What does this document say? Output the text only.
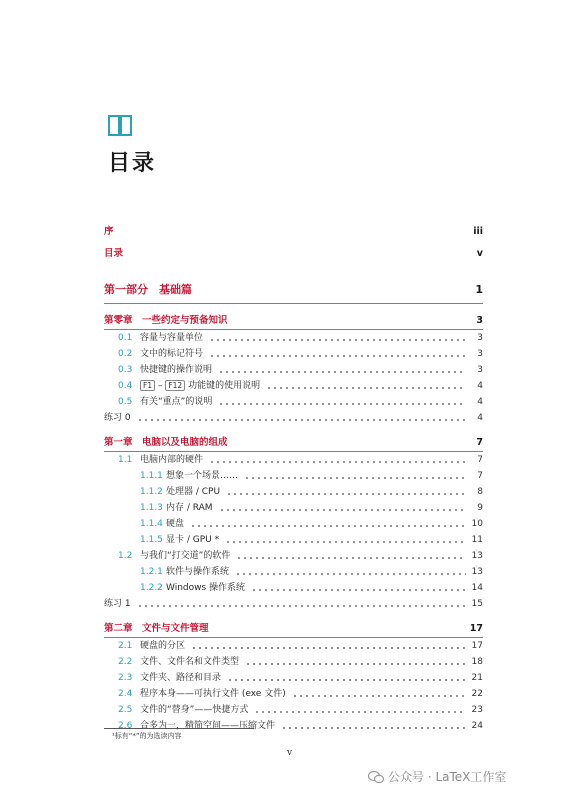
目录
序	iii
目录	v
第一部分　基础篇	1
第零章　一些约定与预备知识	3
0.1 容量与容量单位	3
0.2 文中的标记符号	3
0.3 快捷键的操作说明	3
0.4	F1 – F12 功能键的使用说明	4
0.5 有关“重点”的说明	4
练习 0	4
第一章　电脑以及电脑的组成	7
1.1 电脑内部的硬件	7
1.1.1 想象一个场景……	7
1.1.2 处理器 / CPU	8
1.1.3 内存 / RAM	9
1.1.4 硬盘	10
1.1.5 显卡 / GPU *	11
1.2 与我们“打交道”的软件	13
1.2.1 软件与操作系统	13
1.2.2 Windows 操作系统	14
练习 1	15
第二章　文件与文件管理	17
2.1 硬盘的分区	17
2.2 文件、文件名和文件类型	18
2.3 文件夹、路径和目录	21
2.4 程序本身——可执行文件 (exe 文件)	22
2.5 文件的“替身”——快捷方式	23
2.6 合多为一，精简空间——压缩文件	24
¹标有“*”的为选读内容
v
公众号 · LaTeX工作室
